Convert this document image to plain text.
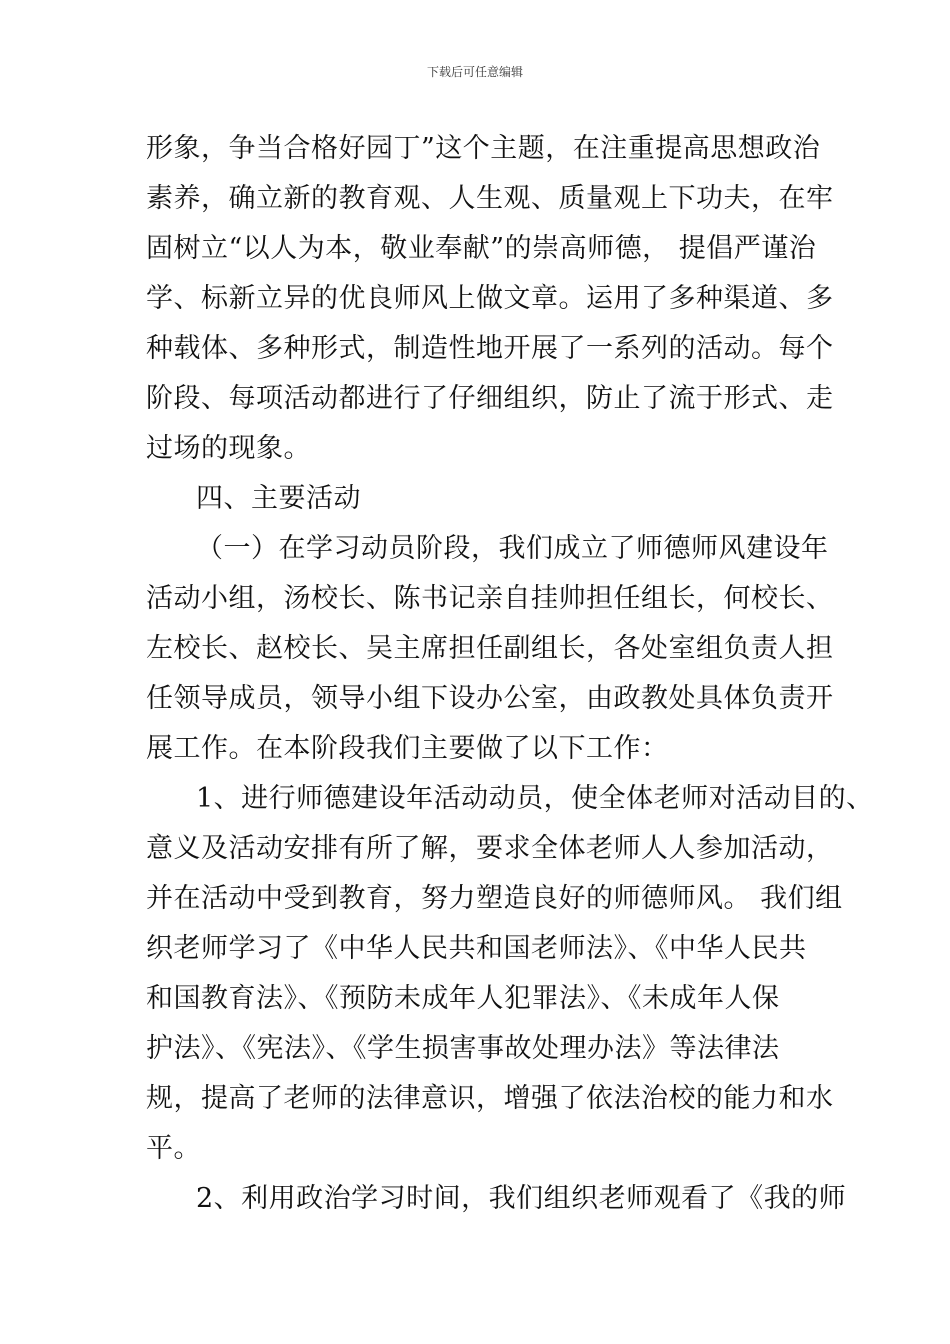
下载后可任意编辑
形象，争当合格好园丁”这个主题，在注重提高思想政治
素养，确立新的教育观、人生观、质量观上下功夫，在牢
固树立“以人为本，敬业奉献”的崇高师德， 提倡严谨治
学、标新立异的优良师风上做文章。运用了多种渠道、多
种载体、多种形式，制造性地开展了一系列的活动。每个
阶段、每项活动都进行了仔细组织，防止了流于形式、走
过场的现象。
四、主要活动
（一）在学习动员阶段，我们成立了师德师风建设年
活动小组，汤校长、陈书记亲自挂帅担任组长，何校长、
左校长、赵校长、吴主席担任副组长，各处室组负责人担
任领导成员，领导小组下设办公室，由政教处具体负责开
展工作。在本阶段我们主要做了以下工作：
1、进行师德建设年活动动员，使全体老师对活动目的、
意义及活动安排有所了解，要求全体老师人人参加活动，
并在活动中受到教育，努力塑造良好的师德师风。 我们组
织老师学习了《中华人民共和国老师法》、《中华人民共
和国教育法》、《预防未成年人犯罪法》、《未成年人保
护法》、《宪法》、《学生损害事故处理办法》等法律法
规，提高了老师的法律意识，增强了依法治校的能力和水
平。
2、利用政治学习时间，我们组织老师观看了《我的师
